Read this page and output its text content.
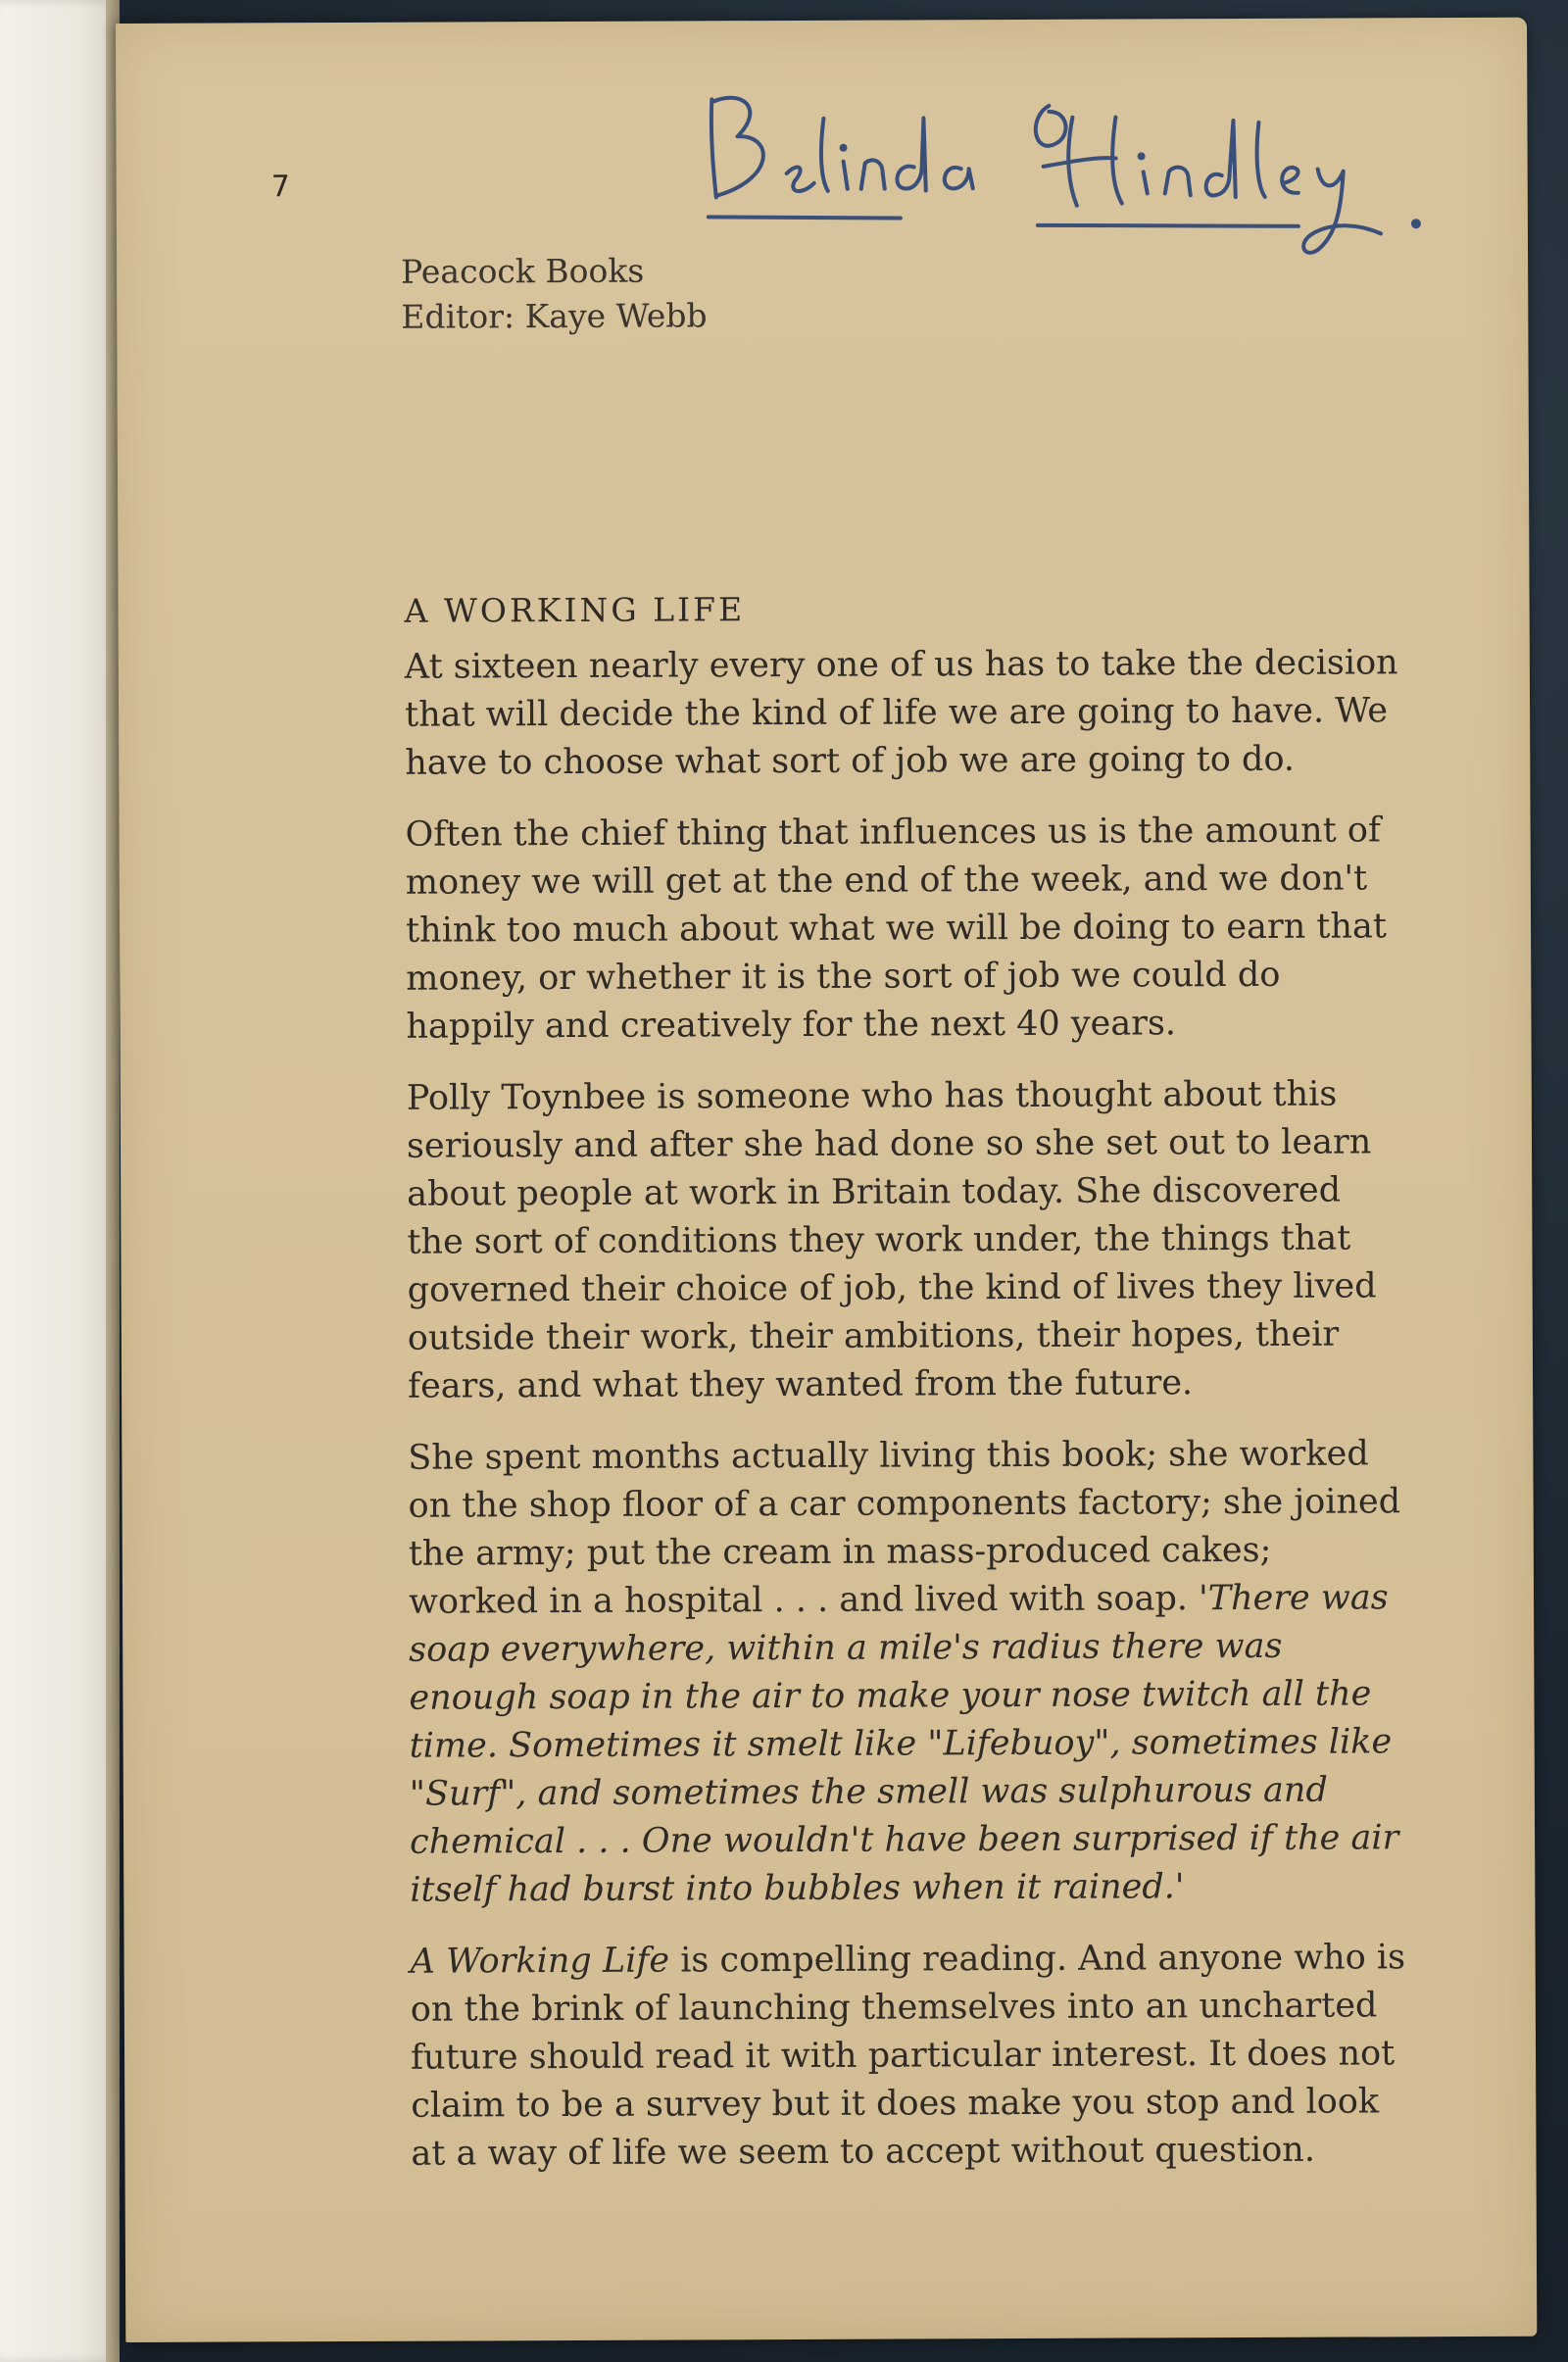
7
Peacock Books
Editor: Kaye Webb
A WORKING LIFE

At sixteen nearly every one of us has to take the decision that will decide the kind of life we are going to have. We have to choose what sort of job we are going to do.

Often the chief thing that influences us is the amount of money we will get at the end of the week, and we don't think too much about what we will be doing to earn that money, or whether it is the sort of job we could do happily and creatively for the next 40 years.

Polly Toynbee is someone who has thought about this seriously and after she had done so she set out to learn about people at work in Britain today. She discovered the sort of conditions they work under, the things that governed their choice of job, the kind of lives they lived outside their work, their ambitions, their hopes, their fears, and what they wanted from the future.

She spent months actually living this book; she worked on the shop floor of a car components factory; she joined the army; put the cream in mass-produced cakes; worked in a hospital . . . and lived with soap. 'There was soap everywhere, within a mile's radius there was enough soap in the air to make your nose twitch all the time. Sometimes it smelt like "Lifebuoy", sometimes like "Surf", and sometimes the smell was sulphurous and chemical . . . One wouldn't have been surprised if the air itself had burst into bubbles when it rained.'

A Working Life is compelling reading. And anyone who is on the brink of launching themselves into an uncharted future should read it with particular interest. It does not claim to be a survey but it does make you stop and look at a way of life we seem to accept without question.
